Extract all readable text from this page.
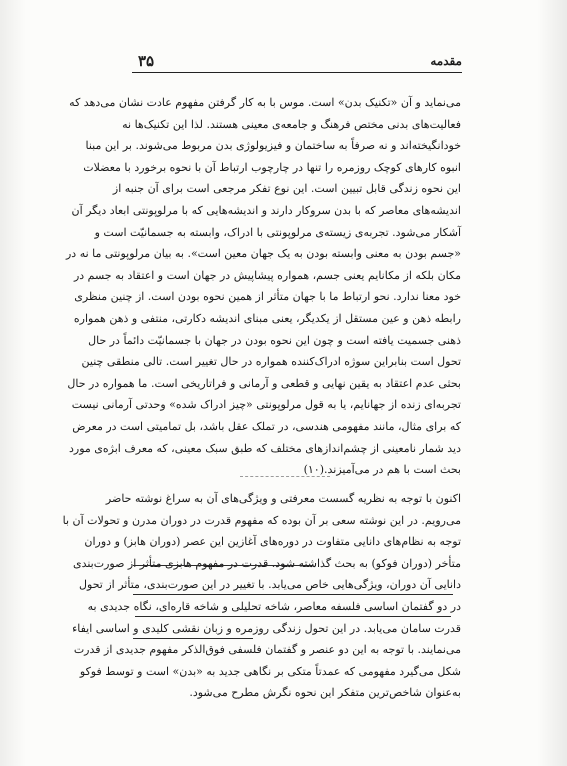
۳۵	مقدمه
می‌نماید و آن «تکنیک بدن» است. موس با به کار گرفتن مفهوم عادت نشان می‌دهد که
فعالیت‌های بدنی مختص فرهنگ و جامعه‌ی معینی هستند. لذا این تکنیک‌ها نه
خودانگیخته‌اند و نه صرفاً به ساختمان و فیزیولوژی بدن مربوط می‌شوند. بر این مبنا
انبوه کارهای کوچک روزمره را تنها در چارچوب ارتباط آن با نحوه برخورد با معضلات
این نحوه زندگی قابل تبیین است. این نوع تفکر مرجعی است برای آن جنبه از
اندیشه‌های معاصر که با بدن سروکار دارند و اندیشه‌هایی که با مرلوپونتی ابعاد دیگر آن
آشکار می‌شود. تجربه‌ی زیسته‌ی مرلوپونتی با ادراک، وابسته به جسمانیّت است و
«جسم بودن به معنی وابسته بودن به یک جهان معین است». به بیان مرلوپونتی ما نه در
مکان بلکه از مکانایم یعنی جسم، همواره پیشاپیش در جهان است و اعتقاد به جسم در
خود معنا ندارد. نحو ارتباط ما با جهان متأثر از همین نحوه بودن است. از چنین منظری
رابطه ذهن و عین مستقل از یکدیگر، یعنی مبنای اندیشه دکارتی، منتفی و ذهن همواره
ذهنی جسمیت یافته است و چون این نحوه بودن در جهان با جسمانیّت دائماً در حال
تحول است بنابراین سوژه ادراک‌کننده همواره در حال تغییر است. تالی منطقی چنین
بحثی عدم اعتقاد به یقین نهایی و قطعی و آرمانی و فراتاریخی است. ما همواره در حال
تجربه‌ای زنده از جهانایم، یا به قول مرلوپونتی «چیز ادراک شده» وحدتی آرمانی نیست
که برای مثال، مانند مفهومی هندسی، در تملک عقل باشد، بل تمامیتی است در معرض
دید شمار نامعینی از چشم‌اندازهای مختلف که طبق سبک معینی، که معرف ابژه‌ی مورد
بحث است با هم در می‌آمیزند.(۱۰)
اکنون با توجه به نظریه گسست معرفتی و ویژگی‌های آن به سراغ نوشته حاضر
می‌رویم. در این نوشته سعی بر آن بوده که مفهوم قدرت در دوران مدرن و تحولات آن با
توجه به نظام‌های دانایی متفاوت در دوره‌های آغازین این عصر (دوران هابز) و دوران
متأخر (دوران فوکو) به بحث گذاشته شود. قدرت در مفهوم هابزی متأثر از صورت‌بندی
دانایی آن دوران، ویژگی‌هایی خاص می‌یابد. با تغییر در این صورت‌بندی، متأثر از تحول
در دو گفتمان اساسی فلسفه معاصر، شاخه تحلیلی و شاخه قاره‌ای، نگاه جدیدی به
قدرت سامان می‌یابد. در این تحول زندگی روزمره و زبان نقشی کلیدی و اساسی ایفاء
می‌نمایند. با توجه به این دو عنصر و گفتمان فلسفی فوق‌الذکر مفهوم جدیدی از قدرت
شکل می‌گیرد مفهومی که عمدتاً متکی بر نگاهی جدید به «بدن» است و توسط فوکو
به‌عنوان شاخص‌ترین متفکر این نحوه نگرش مطرح می‌شود.
